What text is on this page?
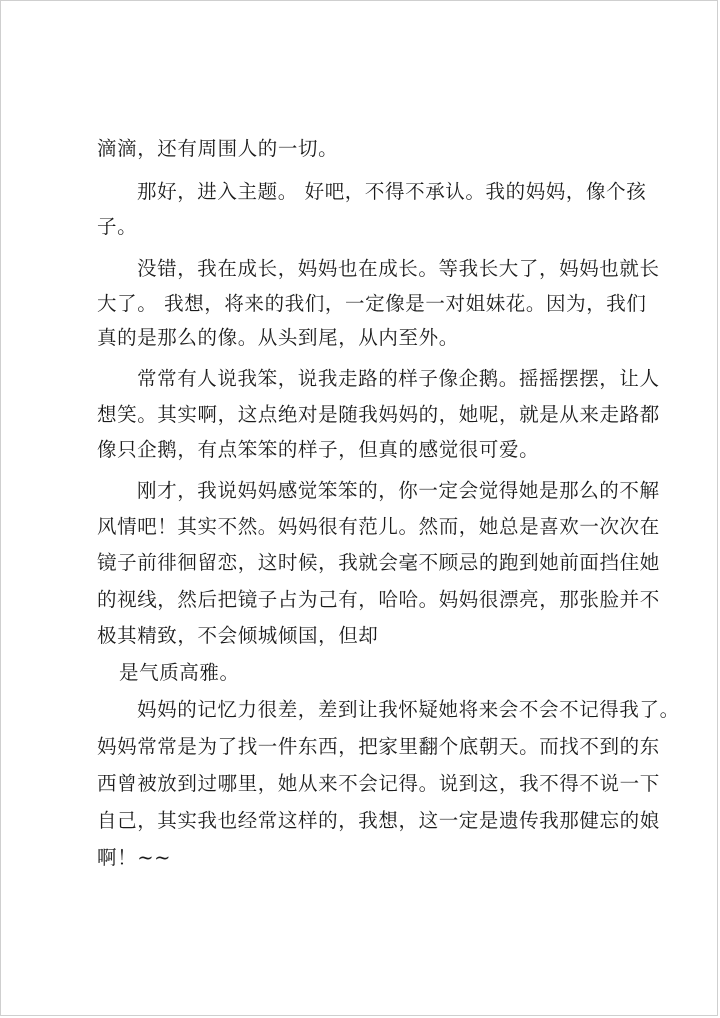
滴滴，还有周围人的一切。
那好，进入主题。 好吧，不得不承认。我的妈妈，像个孩
子。
没错，我在成长，妈妈也在成长。等我长大了，妈妈也就长
大了。 我想，将来的我们，一定像是一对姐妹花。因为，我们
真的是那么的像。从头到尾，从内至外。
常常有人说我笨，说我走路的样子像企鹅。摇摇摆摆，让人
想笑。其实啊，这点绝对是随我妈妈的，她呢，就是从来走路都
像只企鹅，有点笨笨的样子，但真的感觉很可爱。
刚才，我说妈妈感觉笨笨的，你一定会觉得她是那么的不解
风情吧！其实不然。妈妈很有范儿。然而，她总是喜欢一次次在
镜子前徘徊留恋，这时候，我就会毫不顾忌的跑到她前面挡住她
的视线，然后把镜子占为己有，哈哈。妈妈很漂亮，那张脸并不
极其精致，不会倾城倾国，但却
是气质高雅。
妈妈的记忆力很差，差到让我怀疑她将来会不会不记得我了。
妈妈常常是为了找一件东西，把家里翻个底朝天。而找不到的东
西曾被放到过哪里，她从来不会记得。说到这，我不得不说一下
自己，其实我也经常这样的，我想，这一定是遗传我那健忘的娘
啊！~~
